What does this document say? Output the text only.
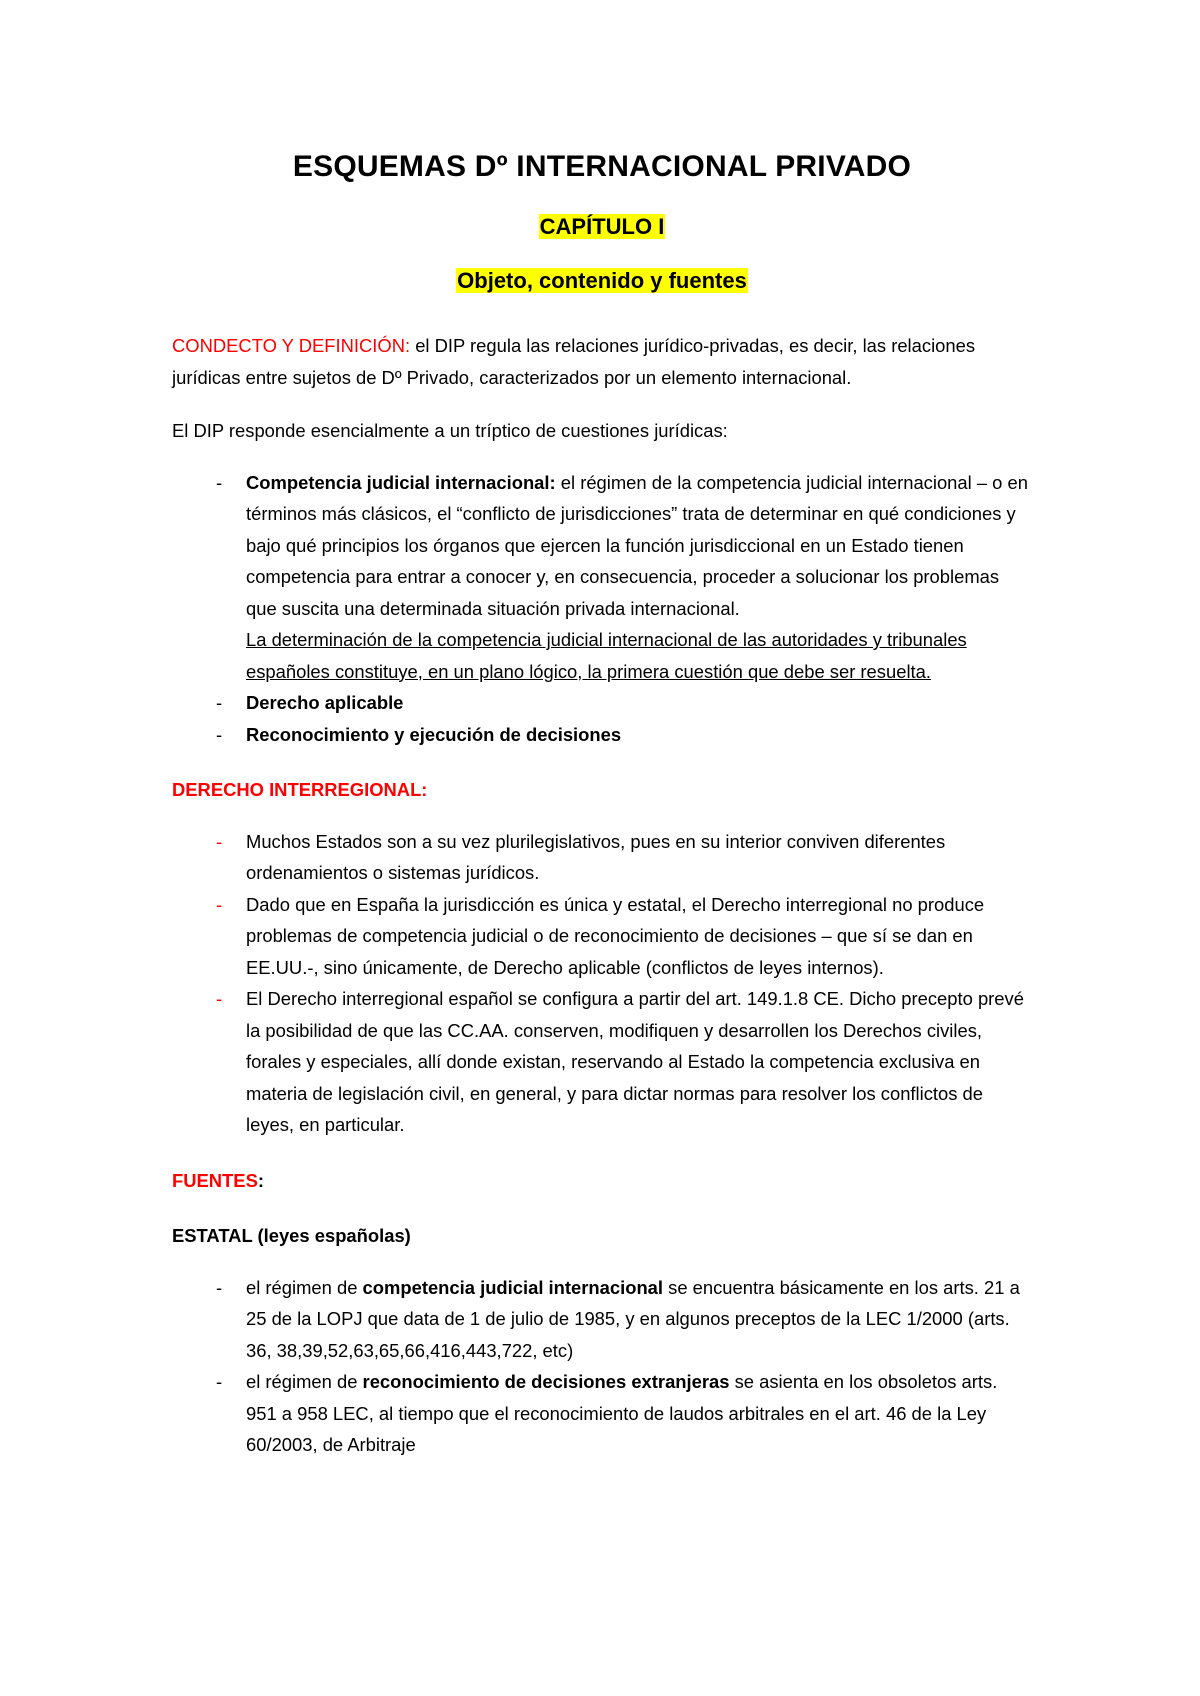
ESQUEMAS Dº INTERNACIONAL PRIVADO
CAPÍTULO I
Objeto, contenido y fuentes

CONDECTO Y DEFINICIÓN: el DIP regula las relaciones jurídico-privadas, es decir, las relaciones jurídicas entre sujetos de Dº Privado, caracterizados por un elemento internacional.

El DIP responde esencialmente a un tríptico de cuestiones jurídicas:

- Competencia judicial internacional: el régimen de la competencia judicial internacional – o en términos más clásicos, el “conflicto de jurisdicciones” trata de determinar en qué condiciones y bajo qué principios los órganos que ejercen la función jurisdiccional en un Estado tienen competencia para entrar a conocer y, en consecuencia, proceder a solucionar los problemas que suscita una determinada situación privada internacional.
La determinación de la competencia judicial internacional de las autoridades y tribunales españoles constituye, en un plano lógico, la primera cuestión que debe ser resuelta.
- Derecho aplicable
- Reconocimiento y ejecución de decisiones
DERECHO INTERREGIONAL:
- Muchos Estados son a su vez plurilegislativos, pues en su interior conviven diferentes ordenamientos o sistemas jurídicos.
- Dado que en España la jurisdicción es única y estatal, el Derecho interregional no produce problemas de competencia judicial o de reconocimiento de decisiones – que sí se dan en EE.UU.-, sino únicamente, de Derecho aplicable (conflictos de leyes internos).
- El Derecho interregional español se configura a partir del art. 149.1.8 CE. Dicho precepto prevé la posibilidad de que las CC.AA. conserven, modifiquen y desarrollen los Derechos civiles, forales y especiales, allí donde existan, reservando al Estado la competencia exclusiva en materia de legislación civil, en general, y para dictar normas para resolver los conflictos de leyes, en particular.
FUENTES:
ESTATAL (leyes españolas)
- el régimen de competencia judicial internacional se encuentra básicamente en los arts. 21 a 25 de la LOPJ que data de 1 de julio de 1985, y en algunos preceptos de la LEC 1/2000 (arts. 36, 38,39,52,63,65,66,416,443,722, etc)
- el régimen de reconocimiento de decisiones extranjeras se asienta en los obsoletos arts. 951 a 958 LEC, al tiempo que el reconocimiento de laudos arbitrales en el art. 46 de la Ley 60/2003, de Arbitraje
